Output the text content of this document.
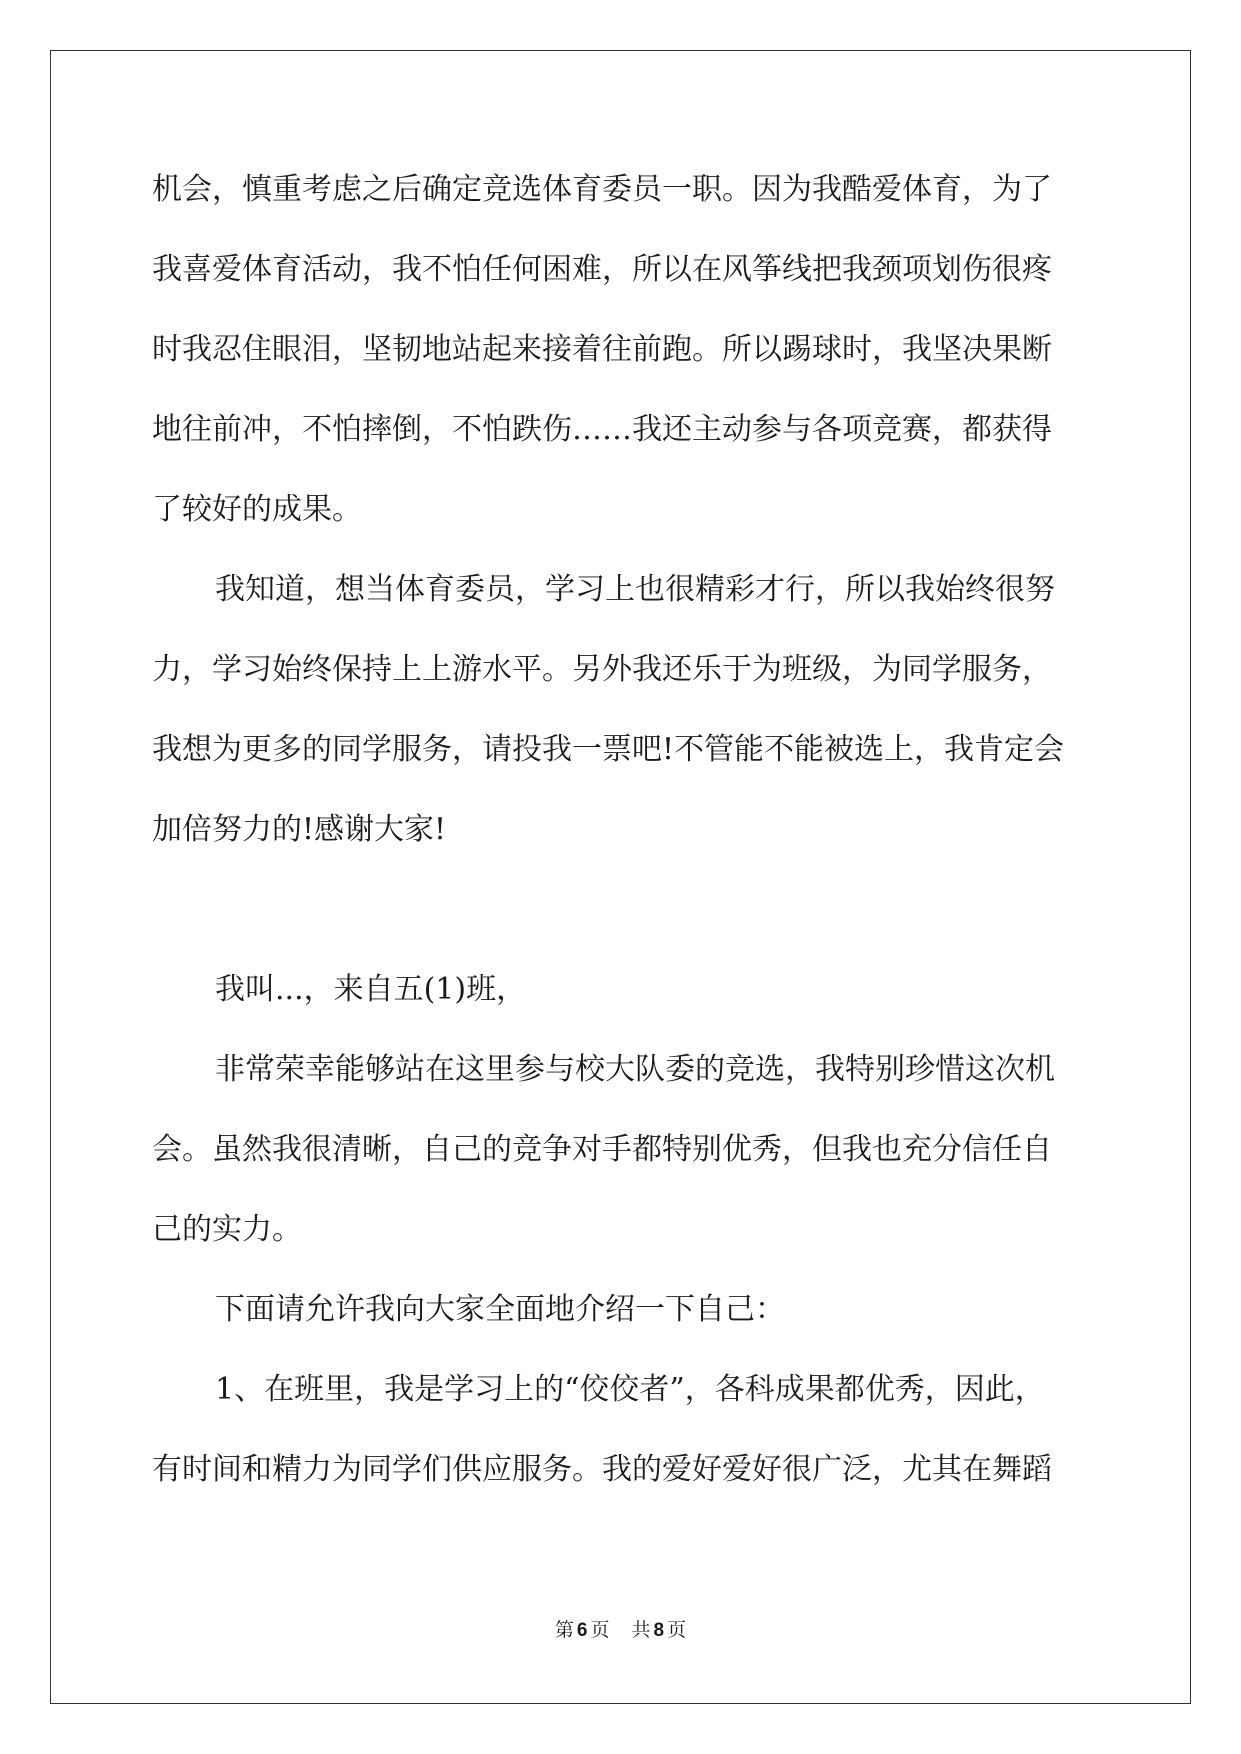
机会，慎重考虑之后确定竞选体育委员一职。因为我酷爱体育，为了

我喜爱体育活动，我不怕任何困难，所以在风筝线把我颈项划伤很疼

时我忍住眼泪，坚韧地站起来接着往前跑。所以踢球时，我坚决果断

地往前冲，不怕摔倒，不怕跌伤……我还主动参与各项竞赛，都获得

了较好的成果。

我知道，想当体育委员，学习上也很精彩才行，所以我始终很努

力，学习始终保持上上游水平。另外我还乐于为班级，为同学服务，

我想为更多的同学服务，请投我一票吧!不管能不能被选上，我肯定会

加倍努力的!感谢大家!

我叫...，来自五(1)班，

非常荣幸能够站在这里参与校大队委的竞选，我特别珍惜这次机

会。虽然我很清晰，自己的竞争对手都特别优秀，但我也充分信任自

己的实力。

下面请允许我向大家全面地介绍一下自己：

1、在班里，我是学习上的“佼佼者”，各科成果都优秀，因此，

有时间和精力为同学们供应服务。我的爱好爱好很广泛，尤其在舞蹈

第 6 页 共 8 页
